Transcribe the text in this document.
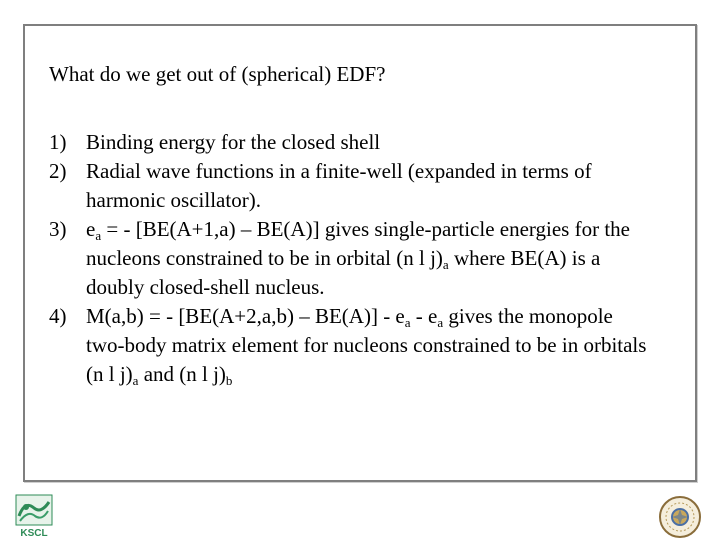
What do we get out of (spherical) EDF?
1) Binding energy for the closed shell
2) Radial wave functions in a finite-well (expanded in terms of harmonic oscillator).
3) $e_a$ = - [BE(A+1,a) – BE(A)] gives single-particle energies for the nucleons constrained to be in orbital (n l $j)_a$ where BE(A) is a doubly closed-shell nucleus.
4) M(a,b) = - $[BE(A+2,a,b) - BE(A)] - e_a - e_a$ gives the monopole two-body matrix element for nucleons constrained to be in orbitals (n l $j)_a$ and (n l $j)_b$
KSCL
